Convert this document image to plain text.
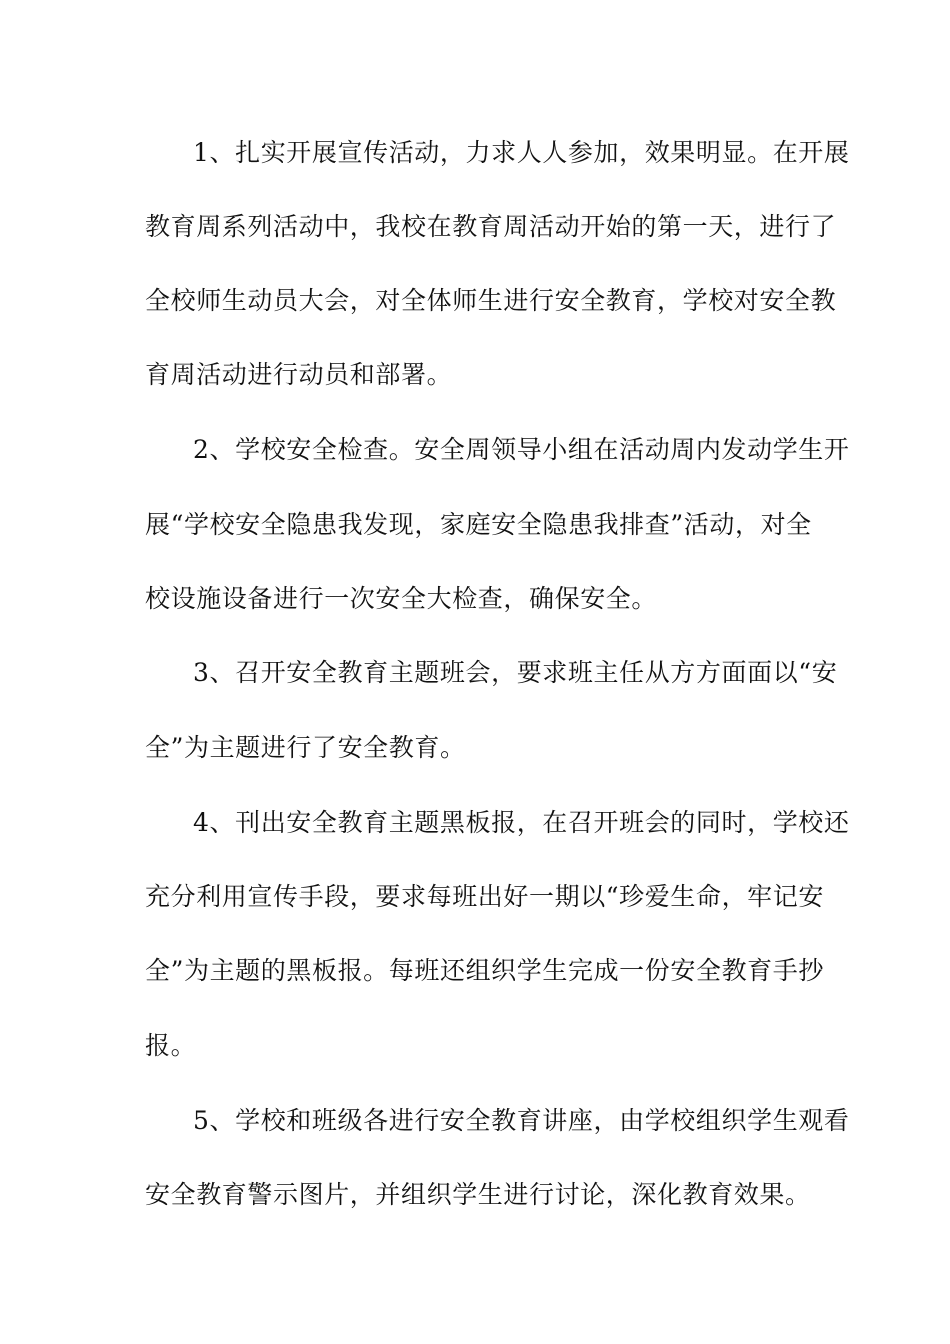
1、扎实开展宣传活动，力求人人参加，效果明显。在开展
教育周系列活动中，我校在教育周活动开始的第一天，进行了
全校师生动员大会，对全体师生进行安全教育，学校对安全教
育周活动进行动员和部署。
2、学校安全检查。安全周领导小组在活动周内发动学生开
展“学校安全隐患我发现，家庭安全隐患我排查”活动，对全
校设施设备进行一次安全大检查，确保安全。
3、召开安全教育主题班会，要求班主任从方方面面以“安
全”为主题进行了安全教育。
4、刊出安全教育主题黑板报，在召开班会的同时，学校还
充分利用宣传手段，要求每班出好一期以“珍爱生命，牢记安
全”为主题的黑板报。每班还组织学生完成一份安全教育手抄
报。
5、学校和班级各进行安全教育讲座，由学校组织学生观看
安全教育警示图片，并组织学生进行讨论，深化教育效果。
